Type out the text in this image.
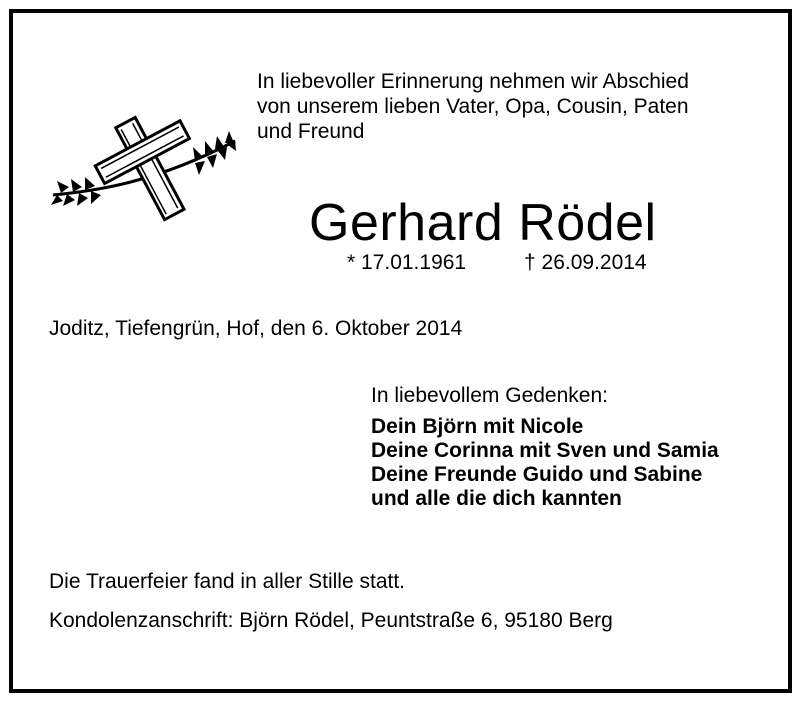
In liebevoller Erinnerung nehmen wir Abschied
von unserem lieben Vater, Opa, Cousin, Paten
und Freund
Gerhard Rödel
* 17.01.1961	† 26.09.2014
Joditz, Tiefengrün, Hof, den 6. Oktober 2014
In liebevollem Gedenken:
Dein Björn mit Nicole
Deine Corinna mit Sven und Samia
Deine Freunde Guido und Sabine
und alle die dich kannten
Die Trauerfeier fand in aller Stille statt.
Kondolenzanschrift: Björn Rödel, Peuntstraße 6, 95180 Berg
